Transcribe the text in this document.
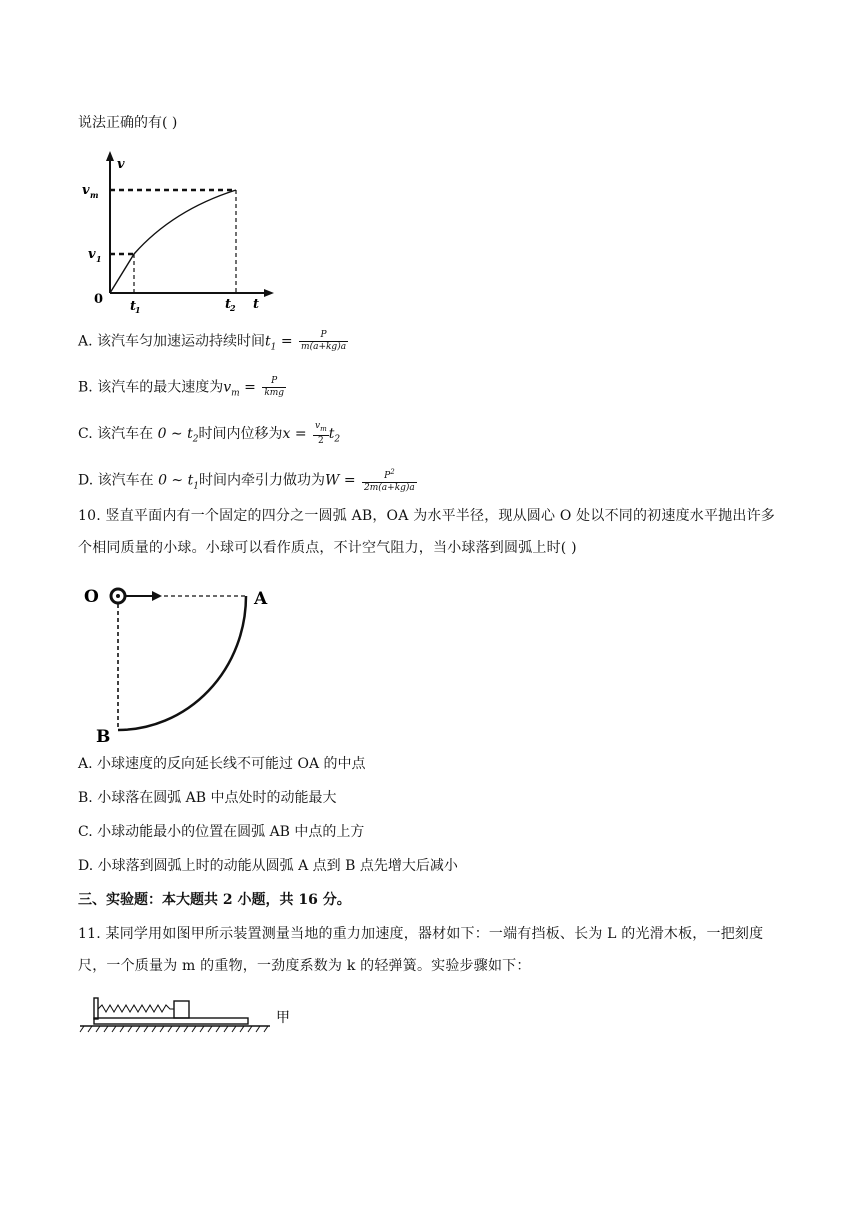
说法正确的有( )
v
t
v m
v 1
0 t
1	t
2
A. 该汽车匀加速运动持续时间$t_1 = \frac{P}{m(a+kg)a}$
B. 该汽车的最大速度为$v_m = \frac{P}{\text{kmg}}$
C. 该汽车在 0 ∼ $t_2$时间内位移为$x = \frac{v_m}{2} t_2$
D. 该汽车在 0 ∼ $t_1$时间内牵引力做功为$W = \frac{P^2}{2m(a+kg)a}$
10. 竖直平面内有一个固定的四分之一圆弧 AB，OA 为水平半径，现从圆心 O 处以不同的初速度水平抛出许多个相同质量的小球。小球可以看作质点，不计空气阻力，当小球落到圆弧上时( )
O	A
B
A. 小球速度的反向延长线不可能过 OA 的中点
B. 小球落在圆弧 AB 中点处时的动能最大
C. 小球动能最小的位置在圆弧 AB 中点的上方
D. 小球落到圆弧上时的动能从圆弧 A 点到 B 点先增大后减小
三、实验题：本大题共 2 小题，共 16 分。
11. 某同学用如图甲所示装置测量当地的重力加速度，器材如下：一端有挡板、长为 L 的光滑木板，一把刻度尺，一个质量为 m 的重物，一劲度系数为 k 的轻弹簧。实验步骤如下：
甲
